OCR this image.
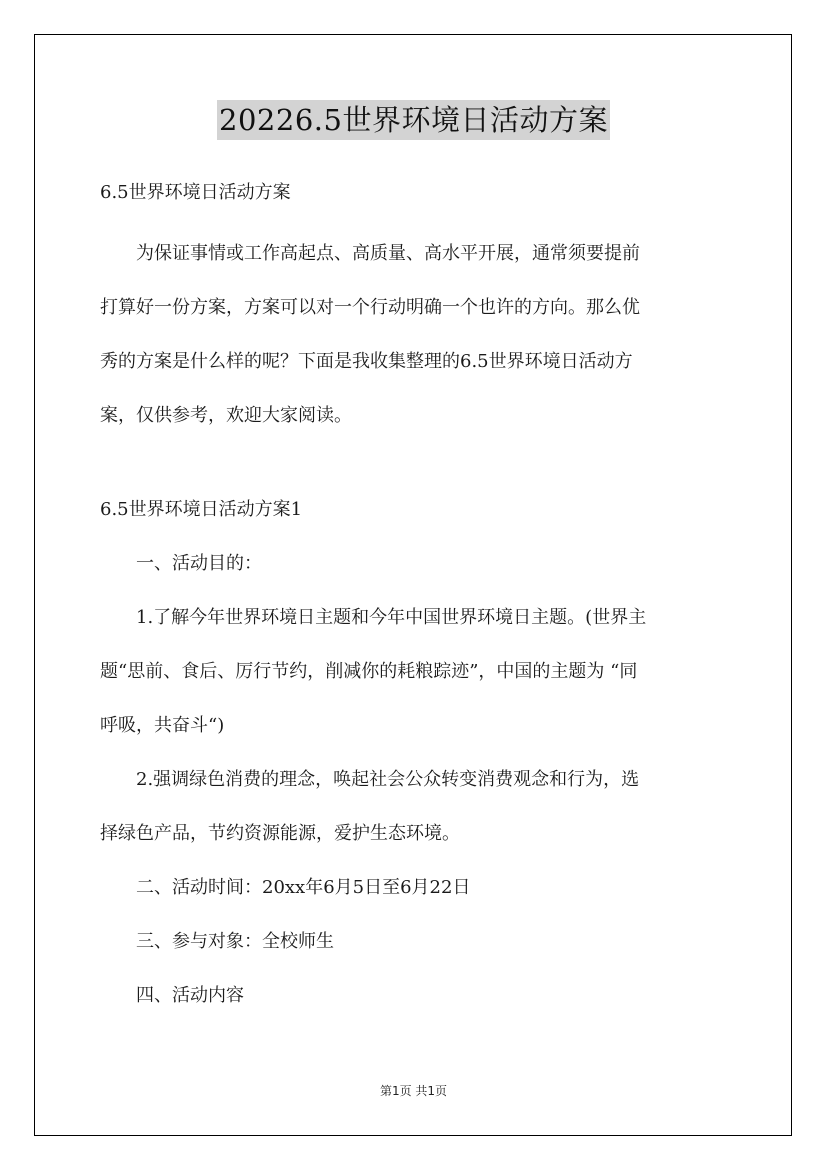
20226.5世界环境日活动方案

6.5世界环境日活动方案

为保证事情或工作高起点、高质量、高水平开展，通常须要提前

打算好一份方案，方案可以对一个行动明确一个也许的方向。那么优

秀的方案是什么样的呢？下面是我收集整理的6.5世界环境日活动方

案，仅供参考，欢迎大家阅读。

6.5世界环境日活动方案1

一、活动目的：

1.了解今年世界环境日主题和今年中国世界环境日主题。(世界主

题“思前、食后、厉行节约，削减你的耗粮踪迹”，中国的主题为 “同

呼吸，共奋斗“)

2.强调绿色消费的理念，唤起社会公众转变消费观念和行为，选

择绿色产品，节约资源能源，爱护生态环境。

二、活动时间：20xx年6月5日至6月22日

三、参与对象：全校师生

四、活动内容

第1页 共1页
